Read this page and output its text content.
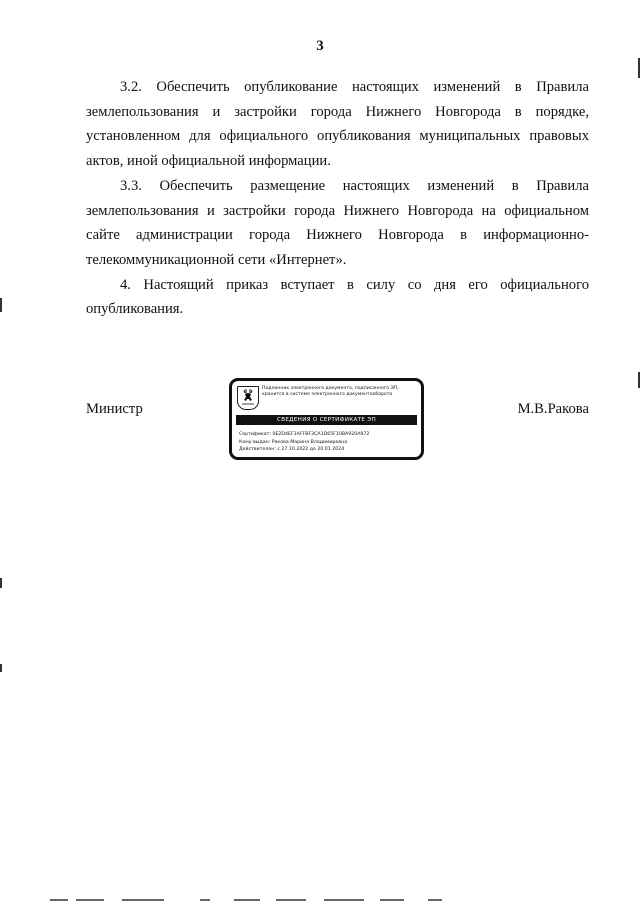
3

3.2. Обеспечить опубликование настоящих изменений в Правила землепользования и застройки города Нижнего Новгорода в порядке, установленном для официального опубликования муниципальных правовых актов, иной официальной информации.

3.3. Обеспечить размещение настоящих изменений в Правила землепользования и застройки города Нижнего Новгорода на официальном сайте администрации города Нижнего Новгорода в информационно-телекоммуникационной сети «Интернет».

4. Настоящий приказ вступает в силу со дня его официального опубликования.

Министр
Подлинник электронного документа, подписанного ЭП,
хранится в системе электронного документооборота
СВЕДЕНИЯ О СЕРТИФИКАТЕ ЭП
Сертификат: 0E2D4EF1AFFBF3CA1D65F10BA920A972
Кому выдан: Ракова Марина Владимировна
Действителен: с 27.10.2022 до 20.01.2024
М.В.Ракова
